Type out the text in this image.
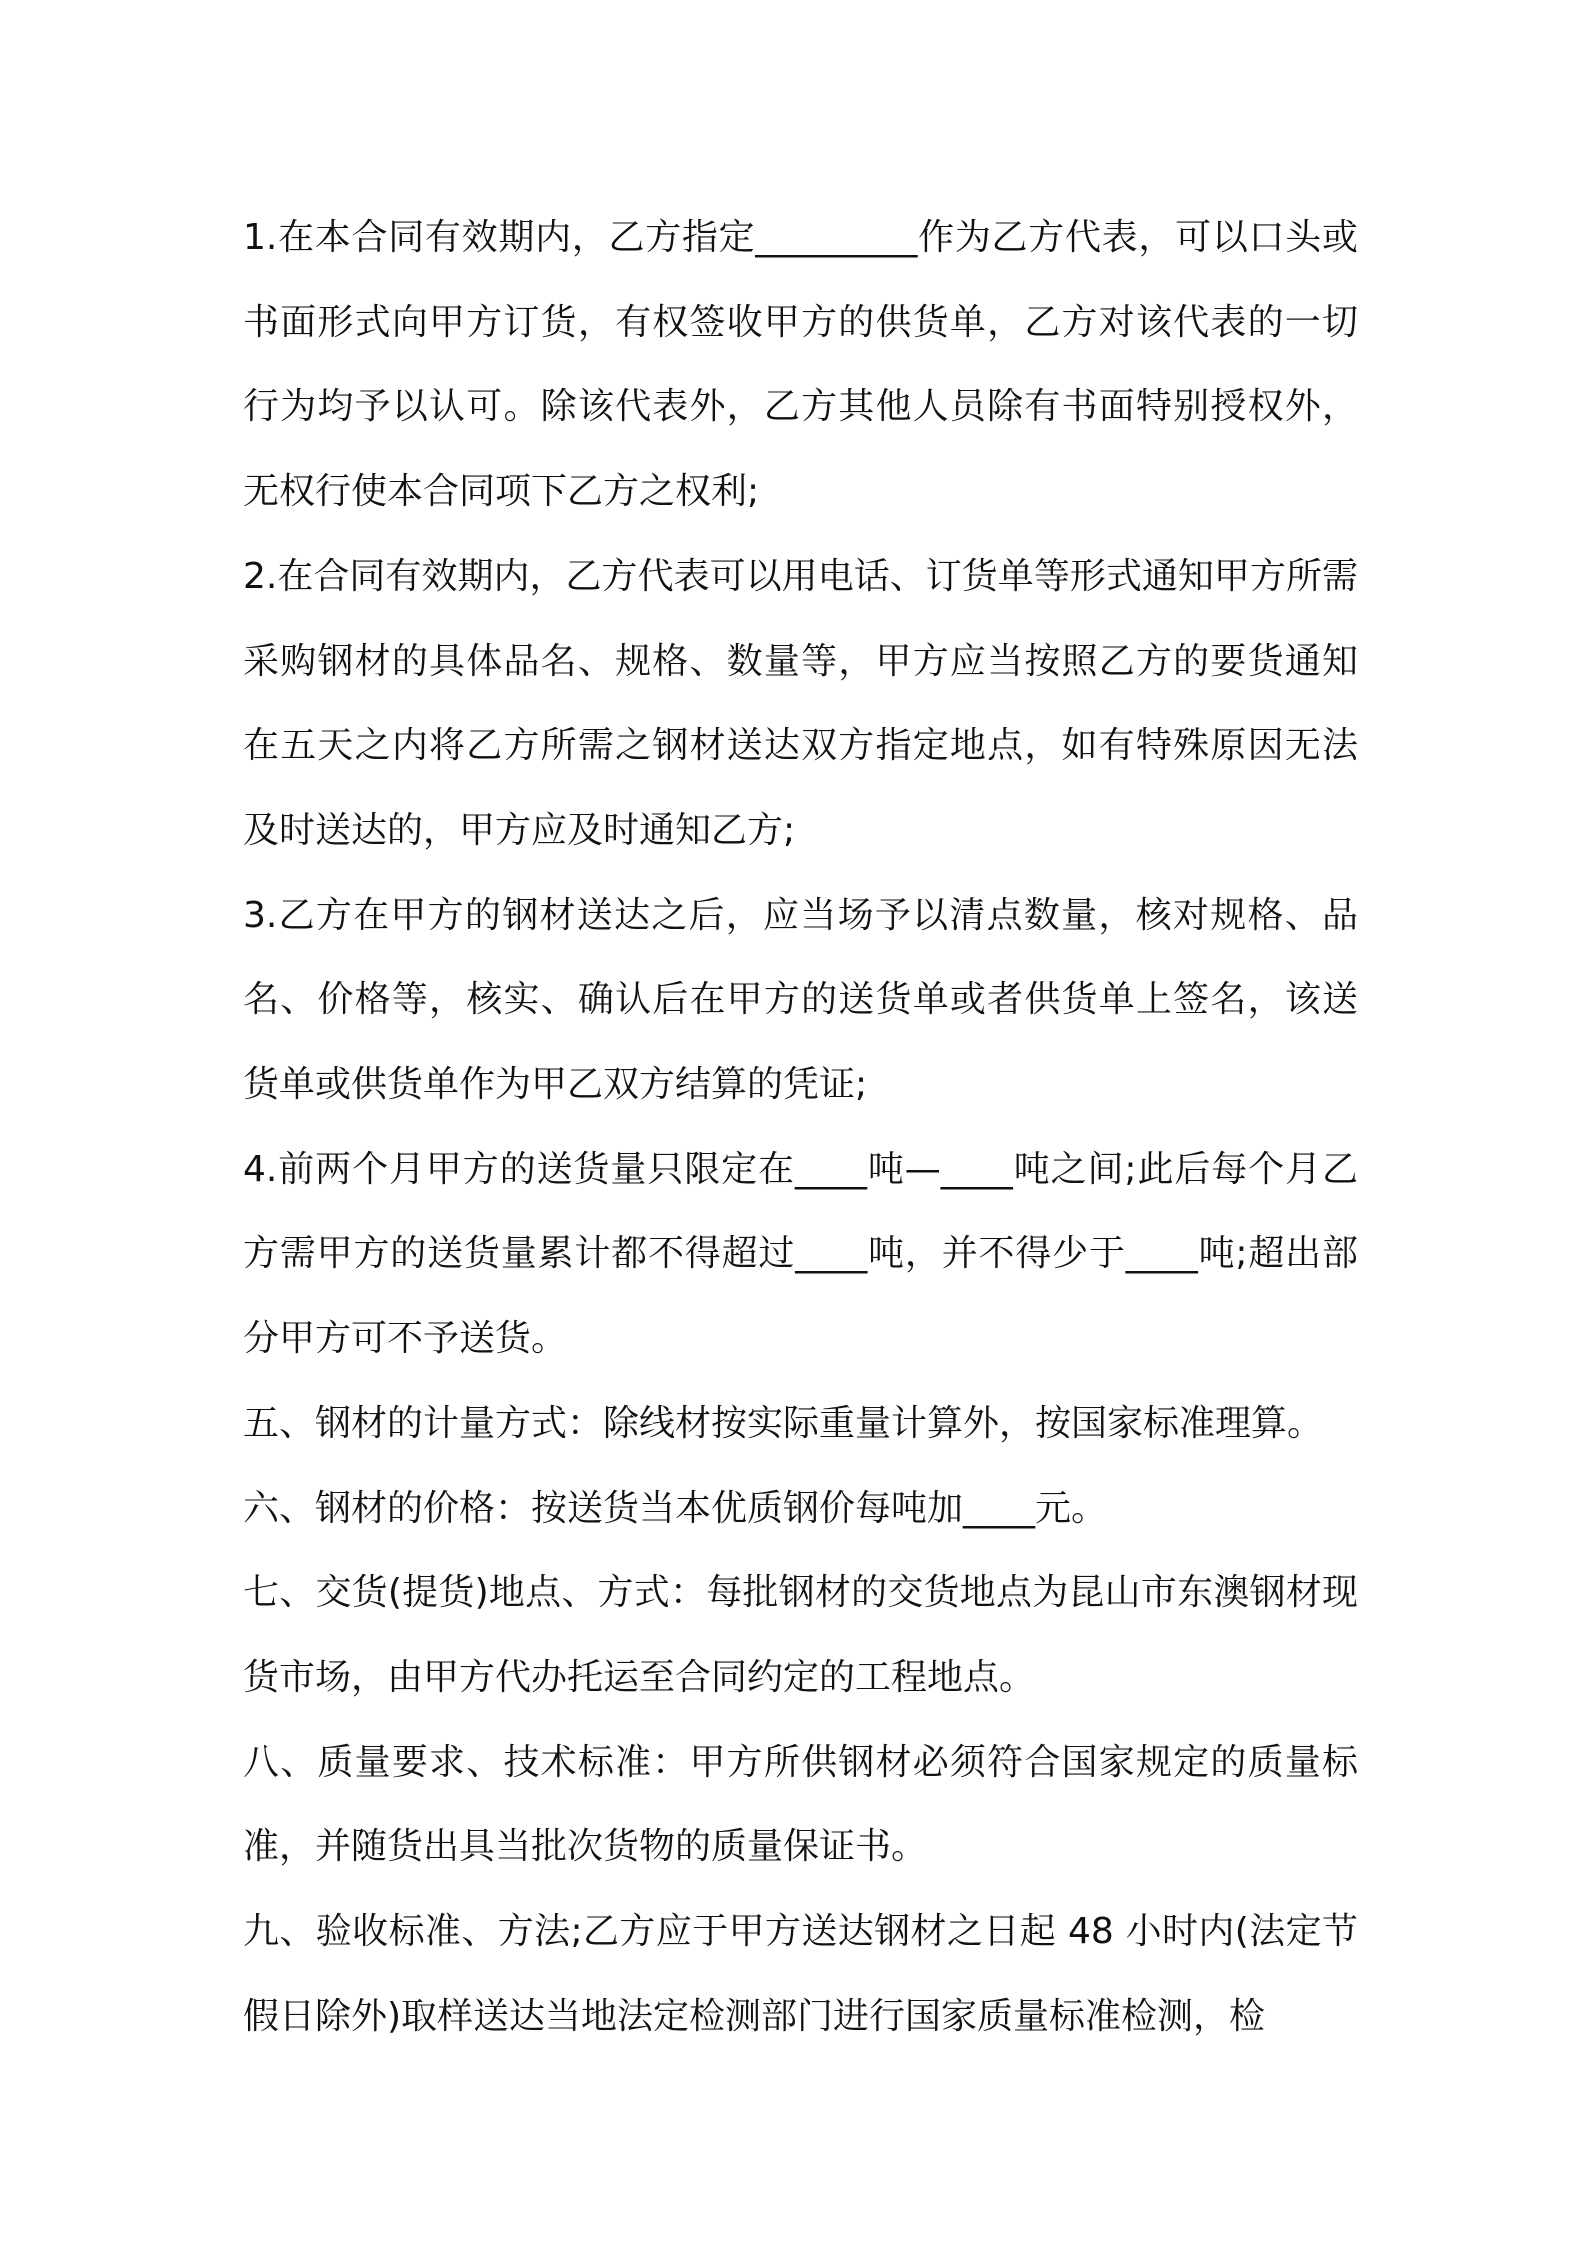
1.在本合同有效期内，乙方指定_________作为乙方代表，可以口头或书面形式向甲方订货，有权签收甲方的供货单，乙方对该代表的一切行为均予以认可。除该代表外，乙方其他人员除有书面特别授权外，无权行使本合同项下乙方之权利;

2.在合同有效期内，乙方代表可以用电话、订货单等形式通知甲方所需采购钢材的具体品名、规格、数量等，甲方应当按照乙方的要货通知在五天之内将乙方所需之钢材送达双方指定地点，如有特殊原因无法及时送达的，甲方应及时通知乙方;

3.乙方在甲方的钢材送达之后，应当场予以清点数量，核对规格、品名、价格等，核实、确认后在甲方的送货单或者供货单上签名，该送货单或供货单作为甲乙双方结算的凭证;

4.前两个月甲方的送货量只限定在____吨—____吨之间;此后每个月乙方需甲方的送货量累计都不得超过____吨，并不得少于____吨;超出部分甲方可不予送货。

五、钢材的计量方式：除线材按实际重量计算外，按国家标准理算。

六、钢材的价格：按送货当本优质钢价每吨加____元。

七、交货(提货)地点、方式：每批钢材的交货地点为昆山市东澳钢材现货市场，由甲方代办托运至合同约定的工程地点。

八、质量要求、技术标准：甲方所供钢材必须符合国家规定的质量标准，并随货出具当批次货物的质量保证书。

九、验收标准、方法;乙方应于甲方送达钢材之日起 48 小时内(法定节假日除外)取样送达当地法定检测部门进行国家质量标准检测，检
